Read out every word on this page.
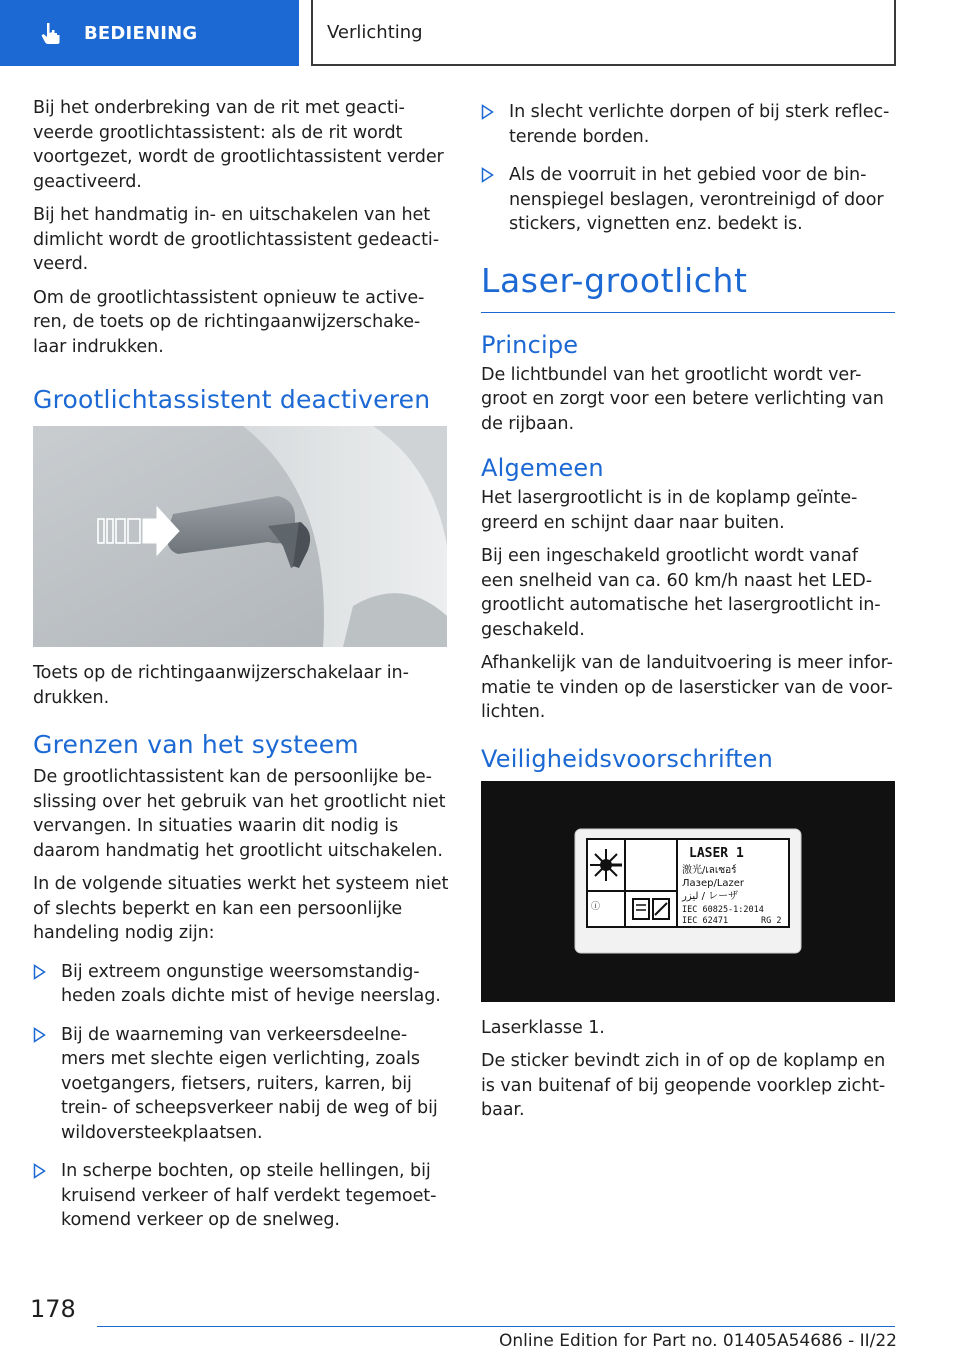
BEDIENING	Verlichting

Bij het onderbreking van de rit met geacti-veerde grootlichtassistent: als de rit wordt voortgezet, wordt de grootlichtassistent verder geactiveerd.

Bij het handmatig in- en uitschakelen van het dimlicht wordt de grootlichtassistent gedeacti-veerd.

Om de grootlichtassistent opnieuw te active-ren, de toets op de richtingaanwijzerschake-laar indrukken.

Grootlichtassistent deactiveren

Toets op de richtingaanwijzerschakelaar in-drukken.

Grenzen van het systeem

De grootlichtassistent kan de persoonlijke be-slissing over het gebruik van het grootlicht niet vervangen. In situaties waarin dit nodig is daarom handmatig het grootlicht uitschakelen.

In de volgende situaties werkt het systeem niet of slechts beperkt en kan een persoonlijke handeling nodig zijn:

Bij extreem ongunstige weersomstandig-heden zoals dichte mist of hevige neerslag.
Bij de waarneming van verkeersdeelne-mers met slechte eigen verlichting, zoals voetgangers, fietsers, ruiters, karren, bij trein- of scheepsverkeer nabij de weg of bij wildoversteekplaatsen.
In scherpe bochten, op steile hellingen, bij kruisend verkeer of half verdekt tegemoet-komend verkeer op de snelweg.
In slecht verlichte dorpen of bij sterk reflec-terende borden.
Als de voorruit in het gebied voor de bin-nenspiegel beslagen, verontreinigd of door stickers, vignetten enz. bedekt is.
Laser-grootlicht
Principe

De lichtbundel van het grootlicht wordt ver-groot en zorgt voor een betere verlichting van de rijbaan.

Algemeen

Het lasergrootlicht is in de koplamp geïnte-greerd en schijnt daar naar buiten.

Bij een ingeschakeld grootlicht wordt vanaf een snelheid van ca. 60 km/h naast het LED-grootlicht automatische het lasergrootlicht in-geschakeld.

Afhankelijk van de landuitvoering is meer infor-matie te vinden op de lasersticker van de voor-lichten.

Veiligheidsvoorschriften
ⓘ
LASER 1
激光/เลเซอร์
Лазер/Lazer
ليزر / レーザ
IEC 60825-1:2014
IEC 62471	RG 2

Laserklasse 1.

De sticker bevindt zich in of op de koplamp en is van buitenaf of bij geopende voorklep zicht-baar.

178
Online Edition for Part no. 01405A54686 - II/22
